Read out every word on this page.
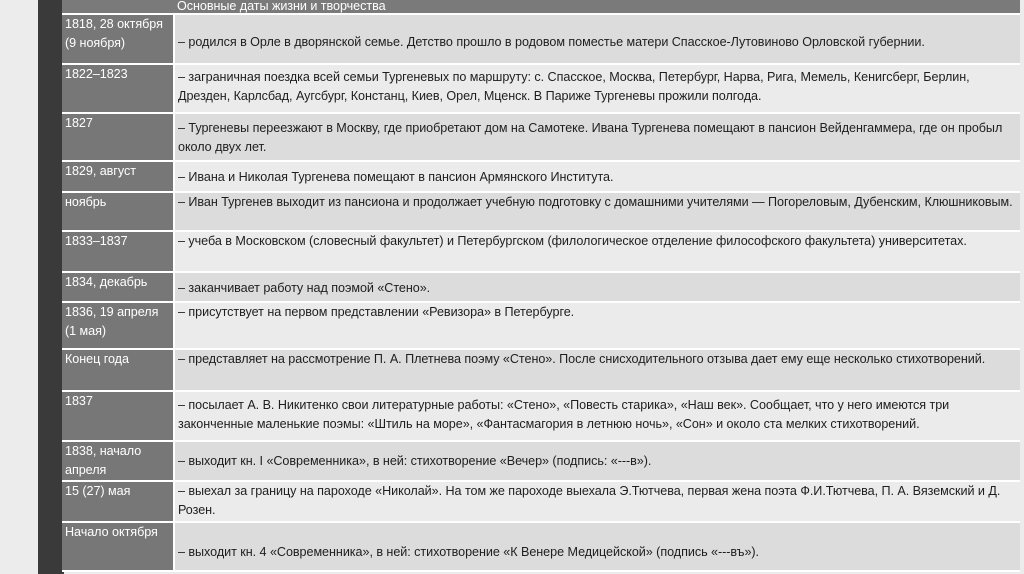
	Основные даты жизни и творчества
1818, 28 октября (9 ноября)	– родился в Орле в дворянской семье. Детство прошло в родовом поместье матери Спасское-Лутовиново Орловской губернии.
1822–1823	– заграничная поездка всей семьи Тургеневых по маршруту: с. Спасское, Москва, Петербург, Нарва, Рига, Мемель, Кенигсберг, Берлин, Дрезден, Карлсбад, Аугсбург, Констанц, Киев, Орел, Мценск. В Париже Тургеневы прожили полгода.
1827	– Тургеневы переезжают в Москву, где приобретают дом на Самотеке. Ивана Тургенева помещают в пансион Вейденгаммера, где он пробыл около двух лет.
1829, август	– Ивана и Николая Тургенева помещают в пансион Армянского Института.
ноябрь	– Иван Тургенев выходит из пансиона и продолжает учебную подготовку с домашними учителями — Погореловым, Дубенским, Клюшниковым.
1833–1837	– учеба в Московском (словесный факультет) и Петербургском (филологическое отделение философского факультета) университетах.
1834, декабрь	– заканчивает работу над поэмой «Стено».
1836, 19 апреля (1 мая)	– присутствует на первом представлении «Ревизора» в Петербурге.
Конец года	– представляет на рассмотрение П. А. Плетнева поэму «Стено». После снисходительного отзыва дает ему еще несколько стихотворений.
1837	– посылает А. В. Никитенко свои литературные работы: «Стено», «Повесть старика», «Наш век». Сообщает, что у него имеются три законченные маленькие поэмы: «Штиль на море», «Фантасмагория в летнюю ночь», «Сон» и около ста мелких стихотворений.
1838, начало апреля	– выходит кн. I «Современника», в ней: стихотворение «Вечер» (подпись: «---в»).
15 (27) мая	– выехал за границу на пароходе «Николай». На том же пароходе выехала Э.Тютчева, первая жена поэта Ф.И.Тютчева, П. А. Вяземский и Д. Розен.
Начало октября	– выходит кн. 4 «Современника», в ней: стихотворение «К Венере Медицейской» (подпись «---въ»).
